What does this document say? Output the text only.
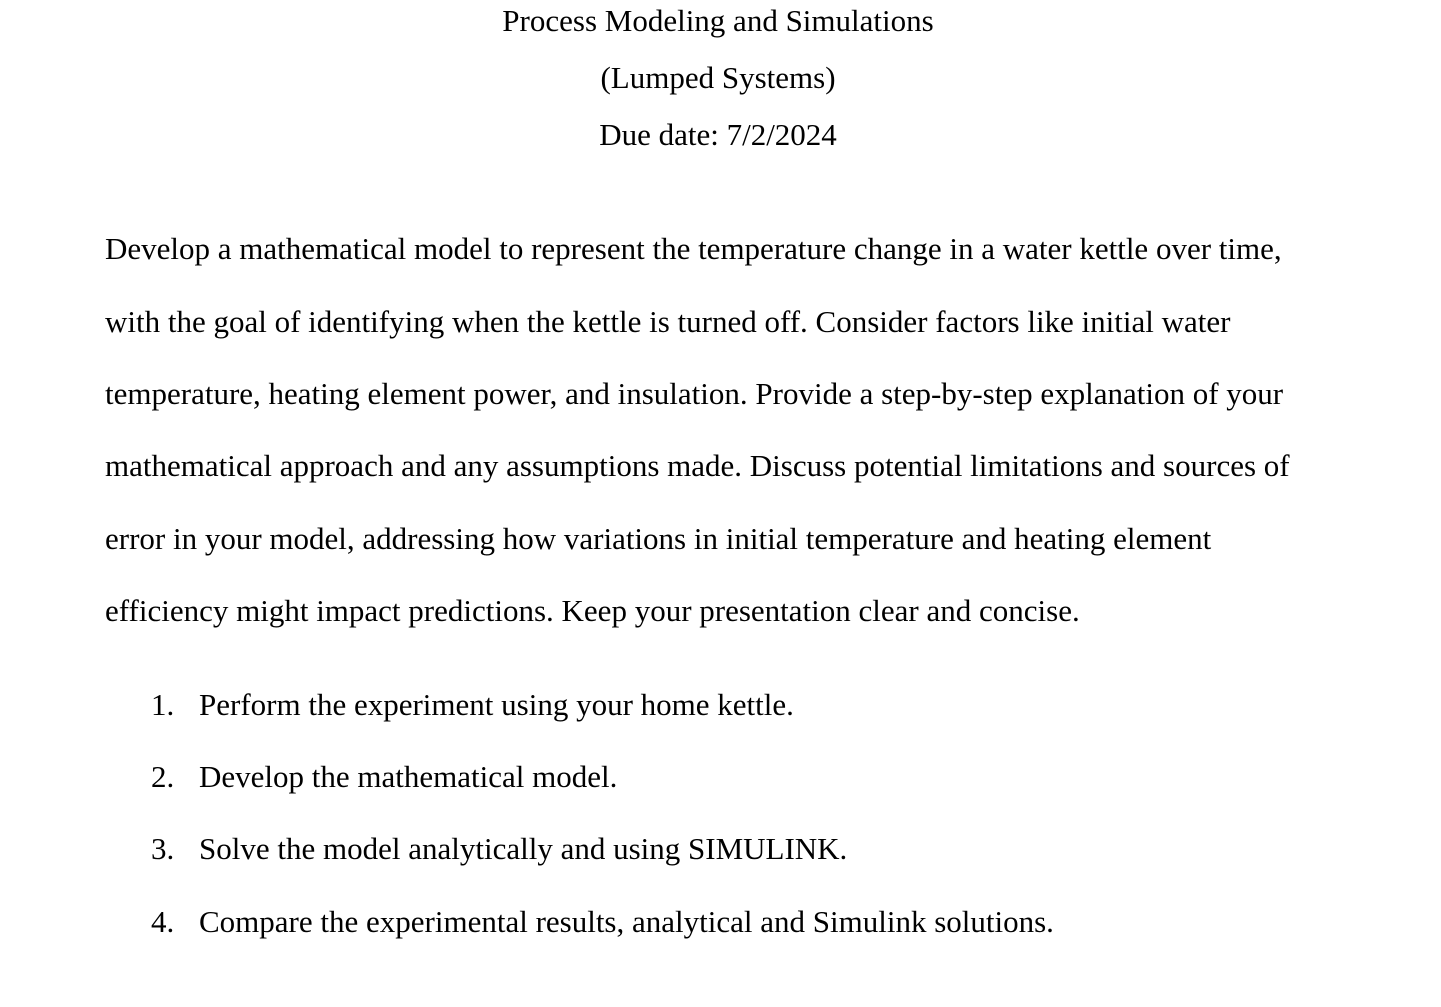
Process Modeling and Simulations
(Lumped Systems)
Due date: 7/2/2024
Develop a mathematical model to represent the temperature change in a water kettle over time,
with the goal of identifying when the kettle is turned off. Consider factors like initial water
temperature, heating element power, and insulation. Provide a step-by-step explanation of your
mathematical approach and any assumptions made. Discuss potential limitations and sources of
error in your model, addressing how variations in initial temperature and heating element
efficiency might impact predictions. Keep your presentation clear and concise.
1. Perform the experiment using your home kettle.
2. Develop the mathematical model.
3. Solve the model analytically and using SIMULINK.
4. Compare the experimental results, analytical and Simulink solutions.
